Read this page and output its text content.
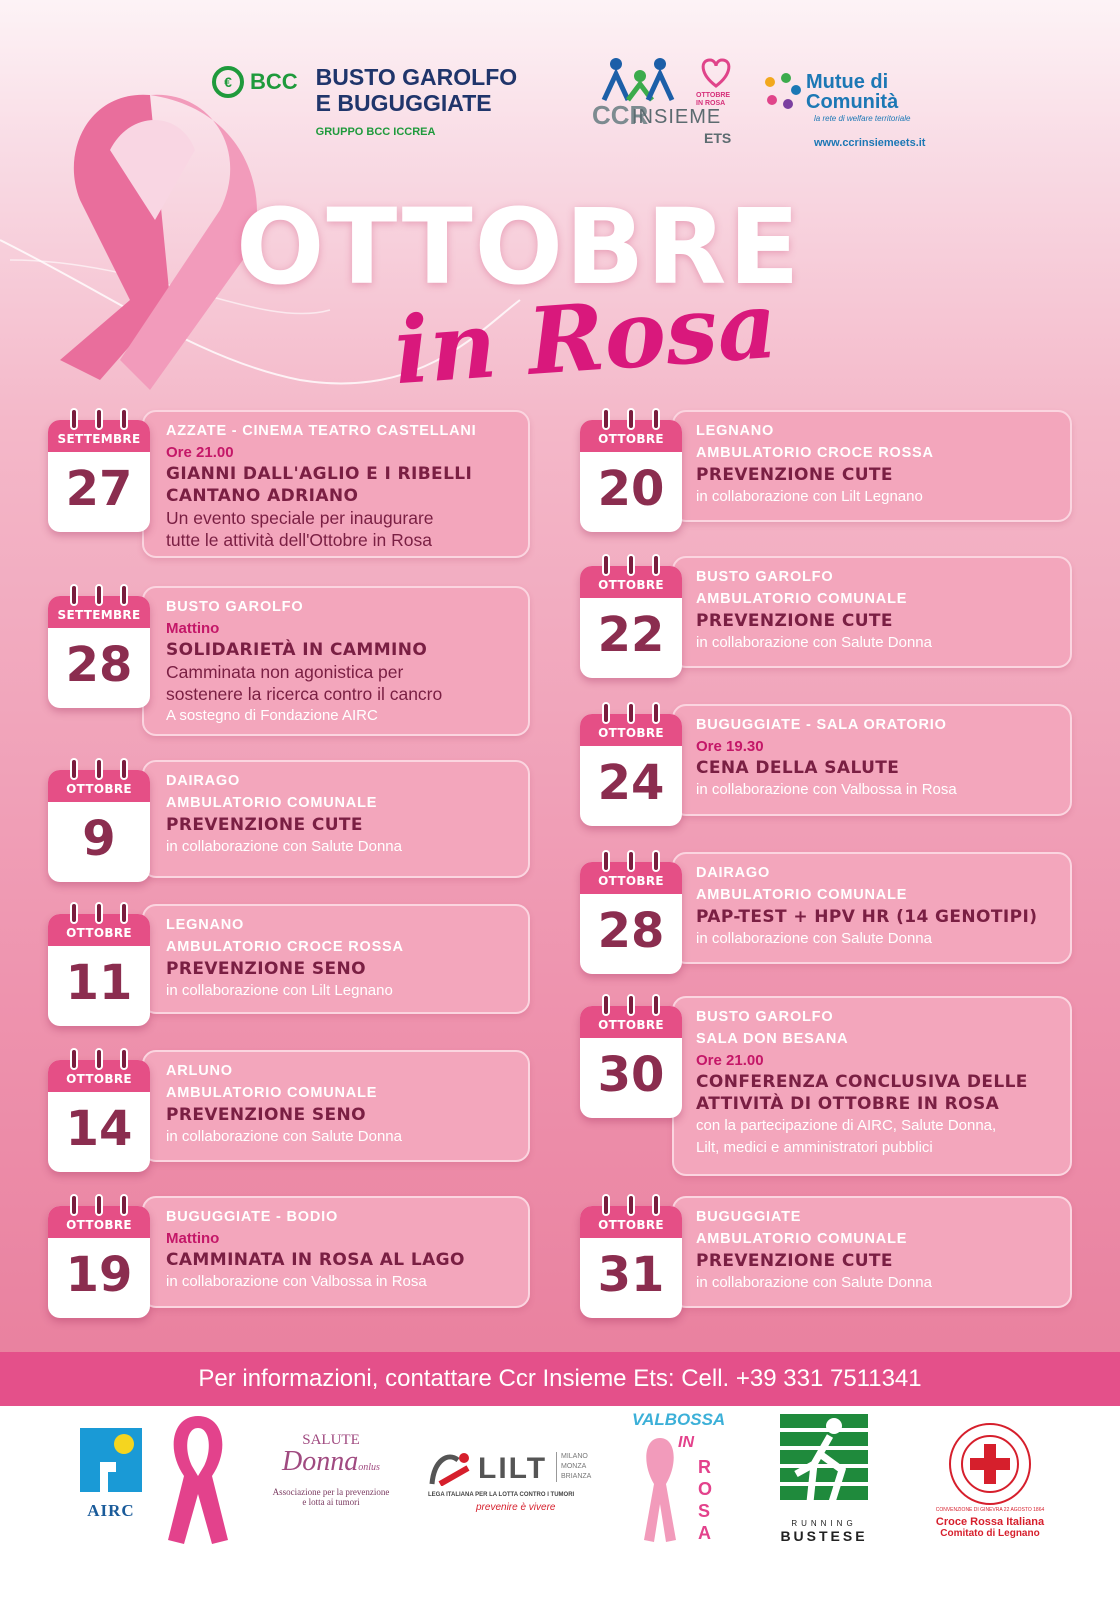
€ BCC BUSTO GAROLFO
E BUGUGGIATE
GRUPPO BCC ICCREA
OTTOBRE IN ROSA
CCR
INSIEME
ETS
Mutue di
Comunità
la rete di welfare territoriale
www.ccrinsiemeets.it
OTTOBRE
in Rosa
AZZATE - CINEMA TEATRO CASTELLANI
Ore 21.00
GIANNI DALL'AGLIO E I RIBELLI
CANTANO ADRIANO
Un evento speciale per inaugurare
tutte le attività dell'Ottobre in Rosa
SETTEMBRE
27
BUSTO GAROLFO
Mattino
SOLIDARIETÀ IN CAMMINO
Camminata non agonistica per
sostenere la ricerca contro il cancro
A sostegno di Fondazione AIRC
SETTEMBRE
28
DAIRAGO
AMBULATORIO COMUNALE
PREVENZIONE CUTE
in collaborazione con Salute Donna
OTTOBRE
9
LEGNANO
AMBULATORIO CROCE ROSSA
PREVENZIONE SENO
in collaborazione con Lilt Legnano
OTTOBRE
11
ARLUNO
AMBULATORIO COMUNALE
PREVENZIONE SENO
in collaborazione con Salute Donna
OTTOBRE
14
BUGUGGIATE - BODIO
Mattino
CAMMINATA IN ROSA AL LAGO
in collaborazione con Valbossa in Rosa
OTTOBRE
19
LEGNANO
AMBULATORIO CROCE ROSSA
PREVENZIONE CUTE
in collaborazione con Lilt Legnano
OTTOBRE
20
BUSTO GAROLFO
AMBULATORIO COMUNALE
PREVENZIONE CUTE
in collaborazione con Salute Donna
OTTOBRE
22
BUGUGGIATE - SALA ORATORIO
Ore 19.30
CENA DELLA SALUTE
in collaborazione con Valbossa in Rosa
OTTOBRE
24
DAIRAGO
AMBULATORIO COMUNALE
PAP-TEST + HPV HR (14 GENOTIPI)
in collaborazione con Salute Donna
OTTOBRE
28
BUSTO GAROLFO
SALA DON BESANA
Ore 21.00
CONFERENZA CONCLUSIVA DELLE
ATTIVITÀ DI OTTOBRE IN ROSA
con la partecipazione di AIRC, Salute Donna,
Lilt, medici e amministratori pubblici
OTTOBRE
30
BUGUGGIATE
AMBULATORIO COMUNALE
PREVENZIONE CUTE
in collaborazione con Salute Donna
OTTOBRE
31
Per informazioni, contattare Ccr Insieme Ets: Cell. +39 331 7511341
AIRC
SALUTE
Donnaonlus
Associazione per la prevenzione
e lotta ai tumori
LILT MILANO
MONZA
BRIANZA
LEGA ITALIANA PER LA LOTTA CONTRO I TUMORI
prevenire è vivere
VALBOSSA
IN
ROSA	RUNNING
BUSTESE
CONVENZIONE DI GINEVRA 22 AGOSTO 1864
Croce Rossa Italiana
Comitato di Legnano
